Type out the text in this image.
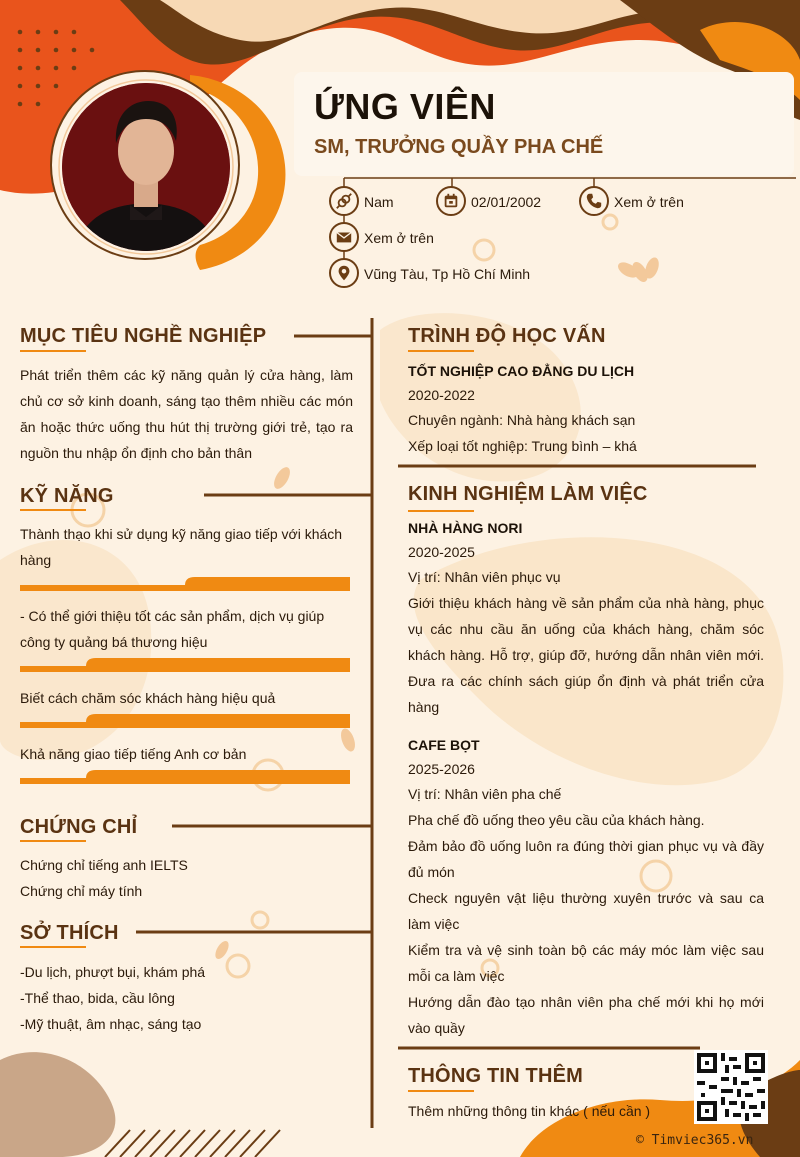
ỨNG VIÊN
SM, TRƯỞNG QUẦY PHA CHẾ
Nam	02/01/2002	Xem ở trên
Xem ở trên
Vũng Tàu, Tp Hồ Chí Minh
MỤC TIÊU NGHỀ NGHIỆP
Phát triển thêm các kỹ năng quản lý cửa hàng, làm chủ cơ sở kinh doanh, sáng tạo thêm nhiều các món ăn hoặc thức uống thu hút thị trường giới trẻ, tạo ra nguồn thu nhập ổn định cho bản thân
KỸ NĂNG
Thành thạo khi sử dụng kỹ năng giao tiếp với khách hàng
- Có thể giới thiệu tốt các sản phẩm, dịch vụ giúp công ty quảng bá thương hiệu
Biết cách chăm sóc khách hàng hiệu quả
Khả năng giao tiếp tiếng Anh cơ bản
CHỨNG CHỈ
Chứng chỉ tiếng anh IELTS
Chứng chỉ máy tính
SỞ THÍCH
-Du lịch, phượt bụi, khám phá
-Thể thao, bida, cầu lông
-Mỹ thuật, âm nhạc, sáng tạo
TRÌNH ĐỘ HỌC VẤN
TỐT NGHIỆP CAO ĐẲNG DU LỊCH
2020-2022
Chuyên ngành: Nhà hàng khách sạn
Xếp loại tốt nghiệp: Trung bình – khá
KINH NGHIỆM LÀM VIỆC
NHÀ HÀNG NORI
2020-2025
Vị trí: Nhân viên phục vụ
Giới thiệu khách hàng về sản phẩm của nhà hàng, phục vụ các nhu cầu ăn uống của khách hàng, chăm sóc khách hàng. Hỗ trợ, giúp đỡ, hướng dẫn nhân viên mới. Đưa ra các chính sách giúp ổn định và phát triển cửa hàng
CAFE BỌT
2025-2026
Vị trí: Nhân viên pha chế
Pha chế đồ uống theo yêu cầu của khách hàng.
Đảm bảo đồ uống luôn ra đúng thời gian phục vụ và đầy đủ món
Check nguyên vật liệu thường xuyên trước và sau ca làm việc
Kiểm tra và vệ sinh toàn bộ các máy móc làm việc sau mỗi ca làm việc
Hướng dẫn đào tạo nhân viên pha chế mới khi họ mới vào quầy
THÔNG TIN THÊM
Thêm những thông tin khác ( nếu cần )
© Timviec365.vn
